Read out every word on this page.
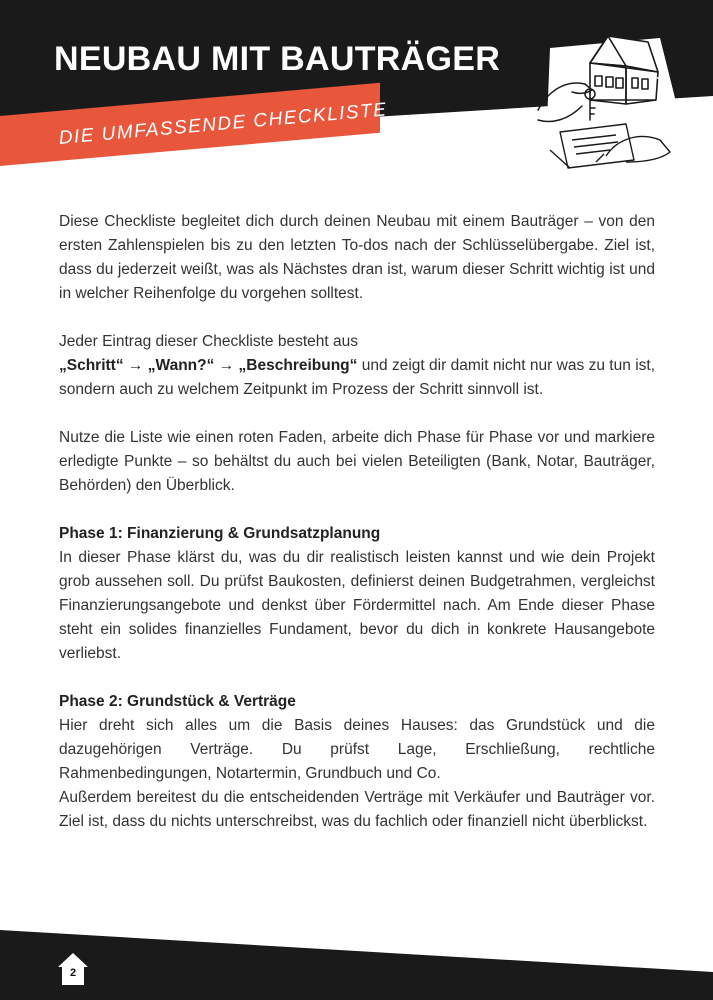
NEUBAU MIT BAUTRÄGER

DIE UMFASSENDE CHECKLISTE

Diese Checkliste begleitet dich durch deinen Neubau mit einem Bauträger – von den ersten Zahlenspielen bis zu den letzten To-dos nach der Schlüsselübergabe. Ziel ist, dass du jederzeit weißt, was als Nächstes dran ist, warum dieser Schritt wichtig ist und in welcher Reihenfolge du vorgehen solltest.

Jeder Eintrag dieser Checkliste besteht aus
„Schritt“ → „Wann?“ → „Beschreibung“ und zeigt dir damit nicht nur was zu tun ist, sondern auch zu welchem Zeitpunkt im Prozess der Schritt sinnvoll ist.

Nutze die Liste wie einen roten Faden, arbeite dich Phase für Phase vor und markiere erledigte Punkte – so behältst du auch bei vielen Beteiligten (Bank, Notar, Bauträger, Behörden) den Überblick.

Phase 1: Finanzierung & Grundsatzplanung
In dieser Phase klärst du, was du dir realistisch leisten kannst und wie dein Projekt grob aussehen soll. Du prüfst Baukosten, definierst deinen Budgetrahmen, vergleichst Finanzierungsangebote und denkst über Fördermittel nach. Am Ende dieser Phase steht ein solides finanzielles Fundament, bevor du dich in konkrete Hausangebote verliebst.
Phase 2: Grundstück & Verträge
Hier dreht sich alles um die Basis deines Hauses: das Grundstück und die dazugehörigen Verträge. Du prüfst Lage, Erschließung, rechtliche Rahmenbedingungen, Notartermin, Grundbuch und Co.
Außerdem bereitest du die entscheidenden Verträge mit Verkäufer und Bauträger vor. Ziel ist, dass du nichts unterschreibst, was du fachlich oder finanziell nicht überblickst.
2
